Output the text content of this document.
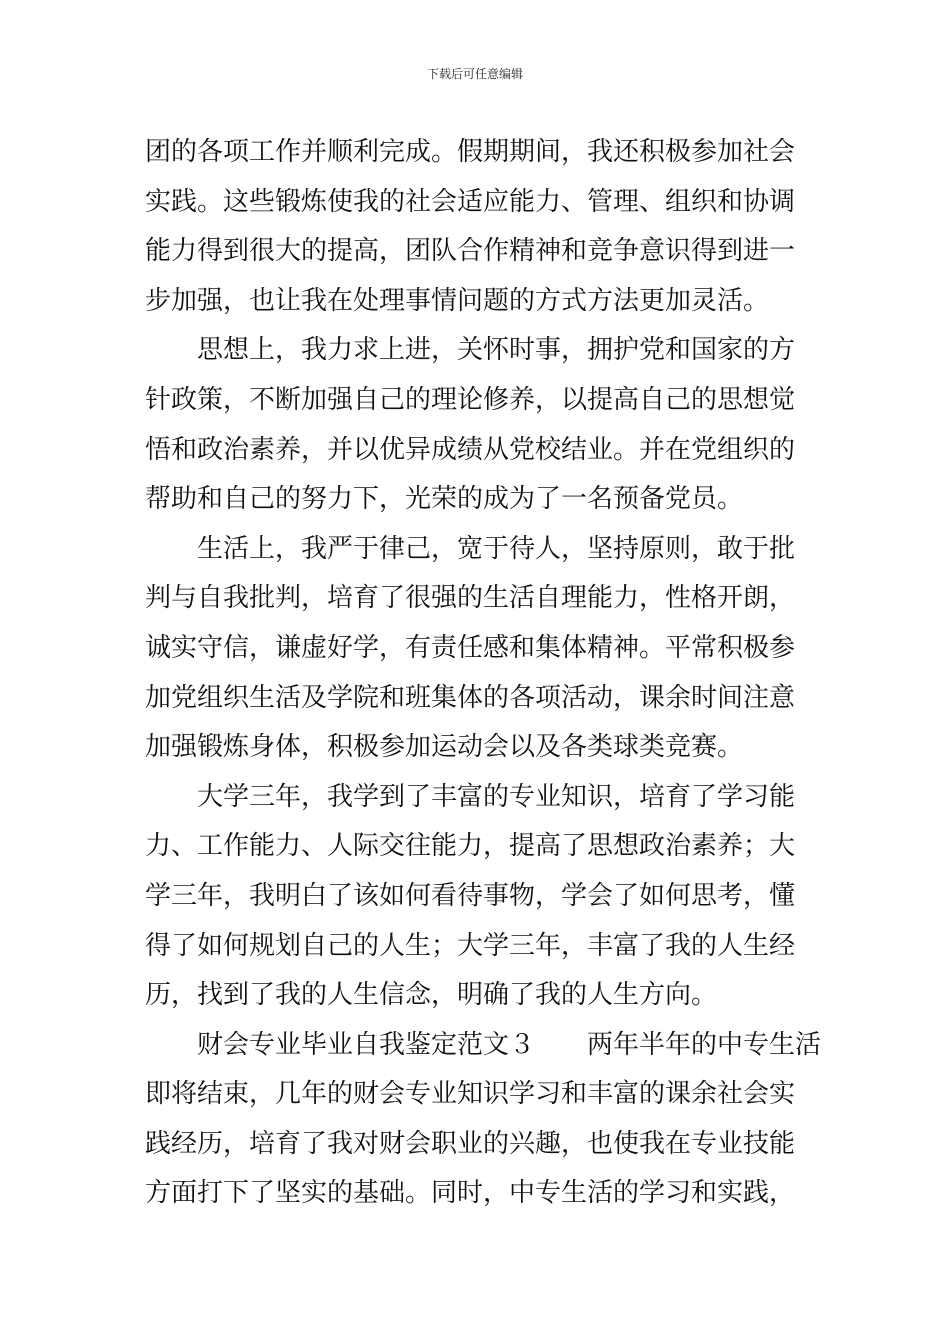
下载后可任意编辑
团的各项工作并顺利完成。假期期间，我还积极参加社会
实践。这些锻炼使我的社会适应能力、管理、组织和协调
能力得到很大的提高，团队合作精神和竞争意识得到进一
步加强，也让我在处理事情问题的方式方法更加灵活。
思想上，我力求上进，关怀时事，拥护党和国家的方
针政策，不断加强自己的理论修养，以提高自己的思想觉
悟和政治素养，并以优异成绩从党校结业。并在党组织的
帮助和自己的努力下，光荣的成为了一名预备党员。
生活上，我严于律己，宽于待人，坚持原则，敢于批
判与自我批判，培育了很强的生活自理能力，性格开朗，
诚实守信，谦虚好学，有责任感和集体精神。平常积极参
加党组织生活及学院和班集体的各项活动，课余时间注意
加强锻炼身体，积极参加运动会以及各类球类竞赛。
大学三年，我学到了丰富的专业知识，培育了学习能
力、工作能力、人际交往能力，提高了思想政治素养；大
学三年，我明白了该如何看待事物，学会了如何思考，懂
得了如何规划自己的人生；大学三年，丰富了我的人生经
历，找到了我的人生信念，明确了我的人生方向。
财会专业毕业自我鉴定范文３ 两年半年的中专生活
即将结束，几年的财会专业知识学习和丰富的课余社会实
践经历，培育了我对财会职业的兴趣，也使我在专业技能
方面打下了坚实的基础。同时，中专生活的学习和实践，
